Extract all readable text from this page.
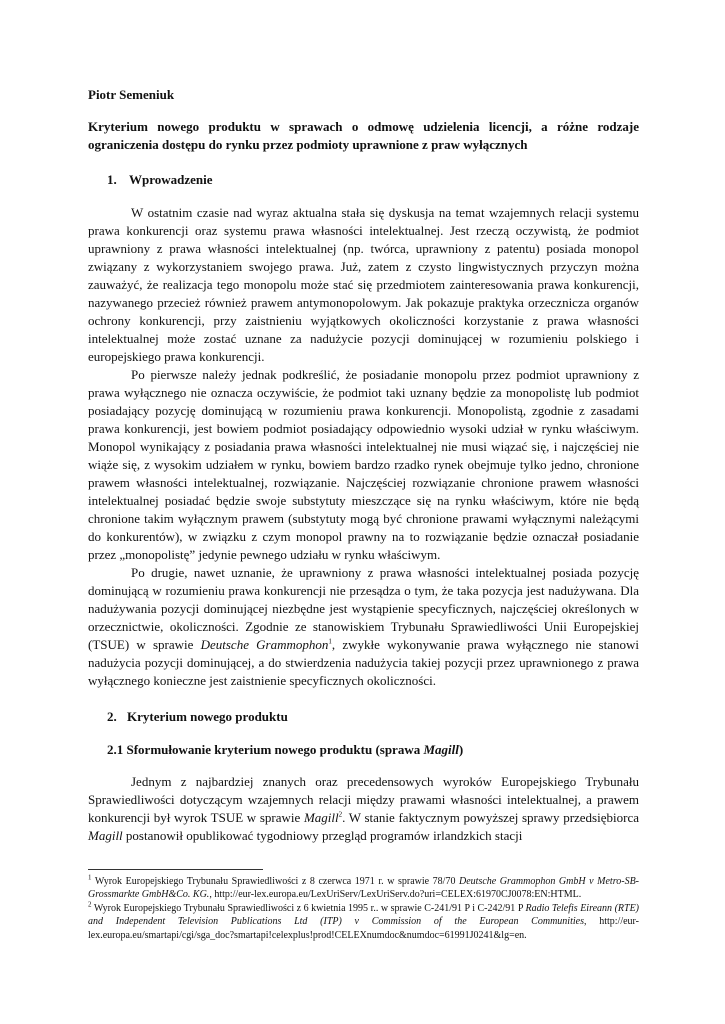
Piotr Semeniuk
Kryterium nowego produktu w sprawach o odmowę udzielenia licencji, a różne rodzaje ograniczenia dostępu do rynku przez podmioty uprawnione z praw wyłącznych
1. Wprowadzenie

W ostatnim czasie nad wyraz aktualna stała się dyskusja na temat wzajemnych relacji systemu prawa konkurencji oraz systemu prawa własności intelektualnej. Jest rzeczą oczywistą, że podmiot uprawniony z prawa własności intelektualnej (np. twórca, uprawniony z patentu) posiada monopol związany z wykorzystaniem swojego prawa. Już, zatem z czysto lingwistycznych przyczyn można zauważyć, że realizacja tego monopolu może stać się przedmiotem zainteresowania prawa konkurencji, nazywanego przecież również prawem antymonopolowym. Jak pokazuje praktyka orzecznicza organów ochrony konkurencji, przy zaistnieniu wyjątkowych okoliczności korzystanie z prawa własności intelektualnej może zostać uznane za nadużycie pozycji dominującej w rozumieniu polskiego i europejskiego prawa konkurencji.

Po pierwsze należy jednak podkreślić, że posiadanie monopolu przez podmiot uprawniony z prawa wyłącznego nie oznacza oczywiście, że podmiot taki uznany będzie za monopolistę lub podmiot posiadający pozycję dominującą w rozumieniu prawa konkurencji. Monopolistą, zgodnie z zasadami prawa konkurencji, jest bowiem podmiot posiadający odpowiednio wysoki udział w rynku właściwym. Monopol wynikający z posiadania prawa własności intelektualnej nie musi wiązać się, i najczęściej nie wiąże się, z wysokim udziałem w rynku, bowiem bardzo rzadko rynek obejmuje tylko jedno, chronione prawem własności intelektualnej, rozwiązanie. Najczęściej rozwiązanie chronione prawem własności intelektualnej posiadać będzie swoje substytuty mieszczące się na rynku właściwym, które nie będą chronione takim wyłącznym prawem (substytuty mogą być chronione prawami wyłącznymi należącymi do konkurentów), w związku z czym monopol prawny na to rozwiązanie będzie oznaczał posiadanie przez „monopolistę” jedynie pewnego udziału w rynku właściwym.

Po drugie, nawet uznanie, że uprawniony z prawa własności intelektualnej posiada pozycję dominującą w rozumieniu prawa konkurencji nie przesądza o tym, że taka pozycja jest nadużywana. Dla nadużywania pozycji dominującej niezbędne jest wystąpienie specyficznych, najczęściej określonych w orzecznictwie, okoliczności. Zgodnie ze stanowiskiem Trybunału Sprawiedliwości Unii Europejskiej (TSUE) w sprawie Deutsche Grammophon$^1$, zwykłe wykonywanie prawa wyłącznego nie stanowi nadużycia pozycji dominującej, a do stwierdzenia nadużycia takiej pozycji przez uprawnionego z prawa wyłącznego konieczne jest zaistnienie specyficznych okoliczności.

2. Kryterium nowego produktu
2.1 Sformułowanie kryterium nowego produktu (sprawa Magill)

Jednym z najbardziej znanych oraz precedensowych wyroków Europejskiego Trybunału Sprawiedliwości dotyczącym wzajemnych relacji między prawami własności intelektualnej, a prawem konkurencji był wyrok TSUE w sprawie Magill$^2$. W stanie faktycznym powyższej sprawy przedsiębiorca Magill postanowił opublikować tygodniowy przegląd programów irlandzkich stacji

$^1$ Wyrok Europejskiego Trybunału Sprawiedliwości z 8 czerwca 1971 r. w sprawie 78/70 Deutsche Grammophon GmbH v Metro-SB-Grossmarkte GmbH&Co. KG., http://eur-lex.europa.eu/LexUriServ/LexUriServ.do?uri=CELEX:61970CJ0078:EN:HTML.

$^2$ Wyrok Europejskiego Trybunału Sprawiedliwości z 6 kwietnia 1995 r.. w sprawie C-241/91 P i C-242/91 P Radio Telefis Eireann (RTE) and Independent Television Publications Ltd (ITP) v Commission of the European Communities, http://eur-lex.europa.eu/smartapi/cgi/sga_doc?smartapi!celexplus!prod!CELEXnumdoc&numdoc=61991J0241&lg=en.
